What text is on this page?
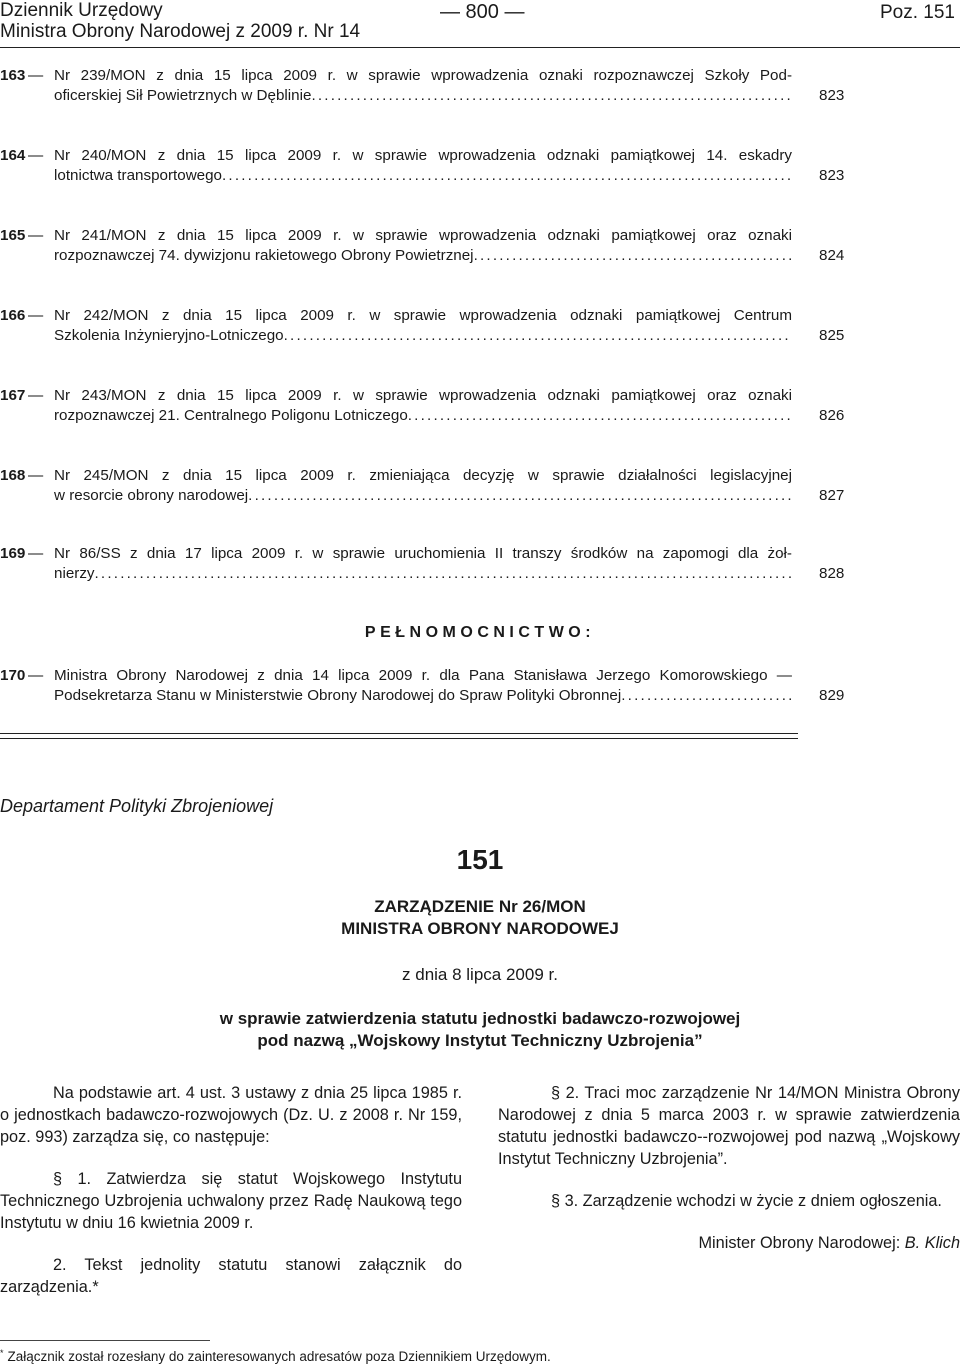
Dziennik Urzędowy
Ministra Obrony Narodowej z 2009 r. Nr 14
— 800 —	Poz. 151
163 — Nr 239/MON z dnia 15 lipca 2009 r. w sprawie wprowadzenia oznaki rozpoznawczej Szkoły Pod-
oficerskiej Sił Powietrznych w Dęblinie .....	823
164 — Nr 240/MON z dnia 15 lipca 2009 r. w sprawie wprowadzenia odznaki pamiątkowej 14. eskadry
lotnictwa transportowego .....	823
165 — Nr 241/MON z dnia 15 lipca 2009 r. w sprawie wprowadzenia odznaki pamiątkowej oraz oznaki
rozpoznawczej 74. dywizjonu rakietowego Obrony Powietrznej .....	824
166 — Nr 242/MON z dnia 15 lipca 2009 r. w sprawie wprowadzenia odznaki pamiątkowej Centrum
Szkolenia Inżynieryjno-Lotniczego .....	825
167 — Nr 243/MON z dnia 15 lipca 2009 r. w sprawie wprowadzenia odznaki pamiątkowej oraz oznaki
rozpoznawczej 21. Centralnego Poligonu Lotniczego .....	826
168 — Nr 245/MON z dnia 15 lipca 2009 r. zmieniająca decyzję w sprawie działalności legislacyjnej
w resorcie obrony narodowej .....	827
169 — Nr 86/SS z dnia 17 lipca 2009 r. w sprawie uruchomienia II transzy środków na zapomogi dla żoł-
nierzy .....	828
PEŁNOMOCNICTWO:
170 — Ministra Obrony Narodowej z dnia 14 lipca 2009 r. dla Pana Stanisława Jerzego Komorowskiego —
Podsekretarza Stanu w Ministerstwie Obrony Narodowej do Spraw Polityki Obronnej .....	829
Departament Polityki Zbrojeniowej
151
ZARZĄDZENIE Nr 26/MON
MINISTRA OBRONY NARODOWEJ
z dnia 8 lipca 2009 r.
w sprawie zatwierdzenia statutu jednostki badawczo-rozwojowej
pod nazwą „Wojskowy Instytut Techniczny Uzbrojenia”

Na podstawie art. 4 ust. 3 ustawy z dnia 25 lipca 1985 r. o jednostkach badawczo-rozwojowych (Dz. U. z 2008 r. Nr 159, poz. 993) zarządza się, co następuje:

§ 1. Zatwierdza się statut Wojskowego Instytutu Technicznego Uzbrojenia uchwalony przez Radę Naukową tego Instytutu w dniu 16 kwietnia 2009 r.

2. Tekst jednolity statutu stanowi załącznik do zarządzenia.*

§ 2. Traci moc zarządzenie Nr 14/MON Ministra Obrony Narodowej z dnia 5 marca 2003 r. w sprawie zatwierdzenia statutu jednostki badawczo--rozwojowej pod nazwą „Wojskowy Instytut Techniczny Uzbrojenia”.

§ 3. Zarządzenie wchodzi w życie z dniem ogłoszenia.

Minister Obrony Narodowej: B. Klich

* Załącznik został rozesłany do zainteresowanych adresatów poza Dziennikiem Urzędowym.
